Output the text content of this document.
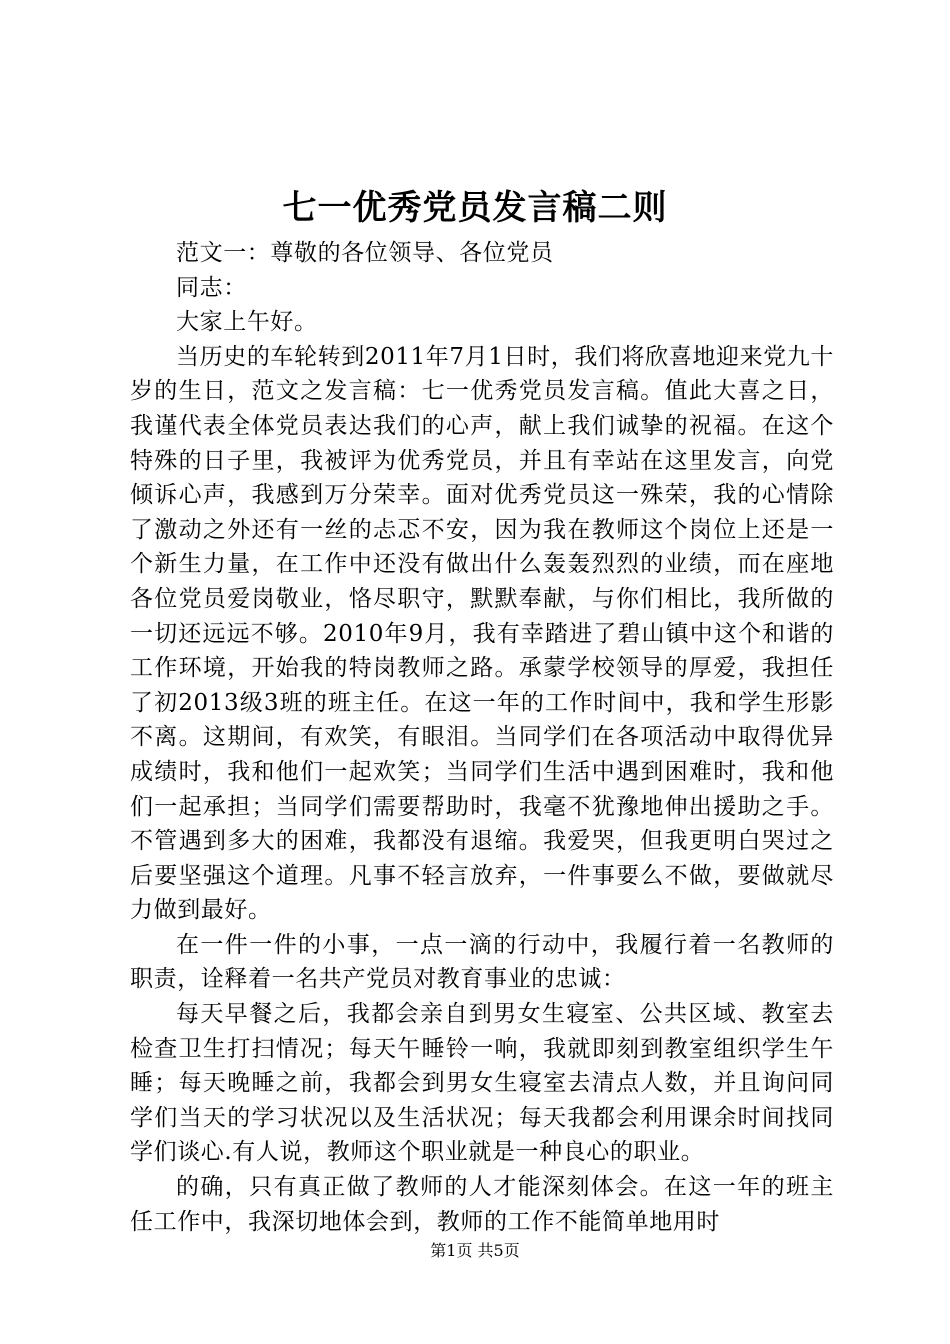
七一优秀党员发言稿二则

范文一：尊敬的各位领导、各位党员

同志：

大家上午好。

当历史的车轮转到2011年7月1日时，我们将欣喜地迎来党九十岁的生日，范文之发言稿：七一优秀党员发言稿。值此大喜之日，我谨代表全体党员表达我们的心声，献上我们诚挚的祝福。在这个特殊的日子里，我被评为优秀党员，并且有幸站在这里发言，向党倾诉心声，我感到万分荣幸。面对优秀党员这一殊荣，我的心情除了激动之外还有一丝的忐忑不安，因为我在教师这个岗位上还是一个新生力量，在工作中还没有做出什么轰轰烈烈的业绩，而在座地各位党员爱岗敬业，恪尽职守，默默奉献，与你们相比，我所做的一切还远远不够。2010年9月，我有幸踏进了碧山镇中这个和谐的工作环境，开始我的特岗教师之路。承蒙学校领导的厚爱，我担任了初2013级3班的班主任。在这一年的工作时间中，我和学生形影不离。这期间，有欢笑，有眼泪。当同学们在各项活动中取得优异成绩时，我和他们一起欢笑；当同学们生活中遇到困难时，我和他们一起承担；当同学们需要帮助时，我毫不犹豫地伸出援助之手。不管遇到多大的困难，我都没有退缩。我爱哭，但我更明白哭过之后要坚强这个道理。凡事不轻言放弃，一件事要么不做，要做就尽力做到最好。

在一件一件的小事，一点一滴的行动中，我履行着一名教师的职责，诠释着一名共产党员对教育事业的忠诚：

每天早餐之后，我都会亲自到男女生寝室、公共区域、教室去检查卫生打扫情况；每天午睡铃一响，我就即刻到教室组织学生午睡；每天晚睡之前，我都会到男女生寝室去清点人数，并且询问同学们当天的学习状况以及生活状况；每天我都会利用课余时间找同学们谈心.有人说，教师这个职业就是一种良心的职业。

的确，只有真正做了教师的人才能深刻体会。在这一年的班主任工作中，我深切地体会到，教师的工作不能简单地用时

第1页 共5页
